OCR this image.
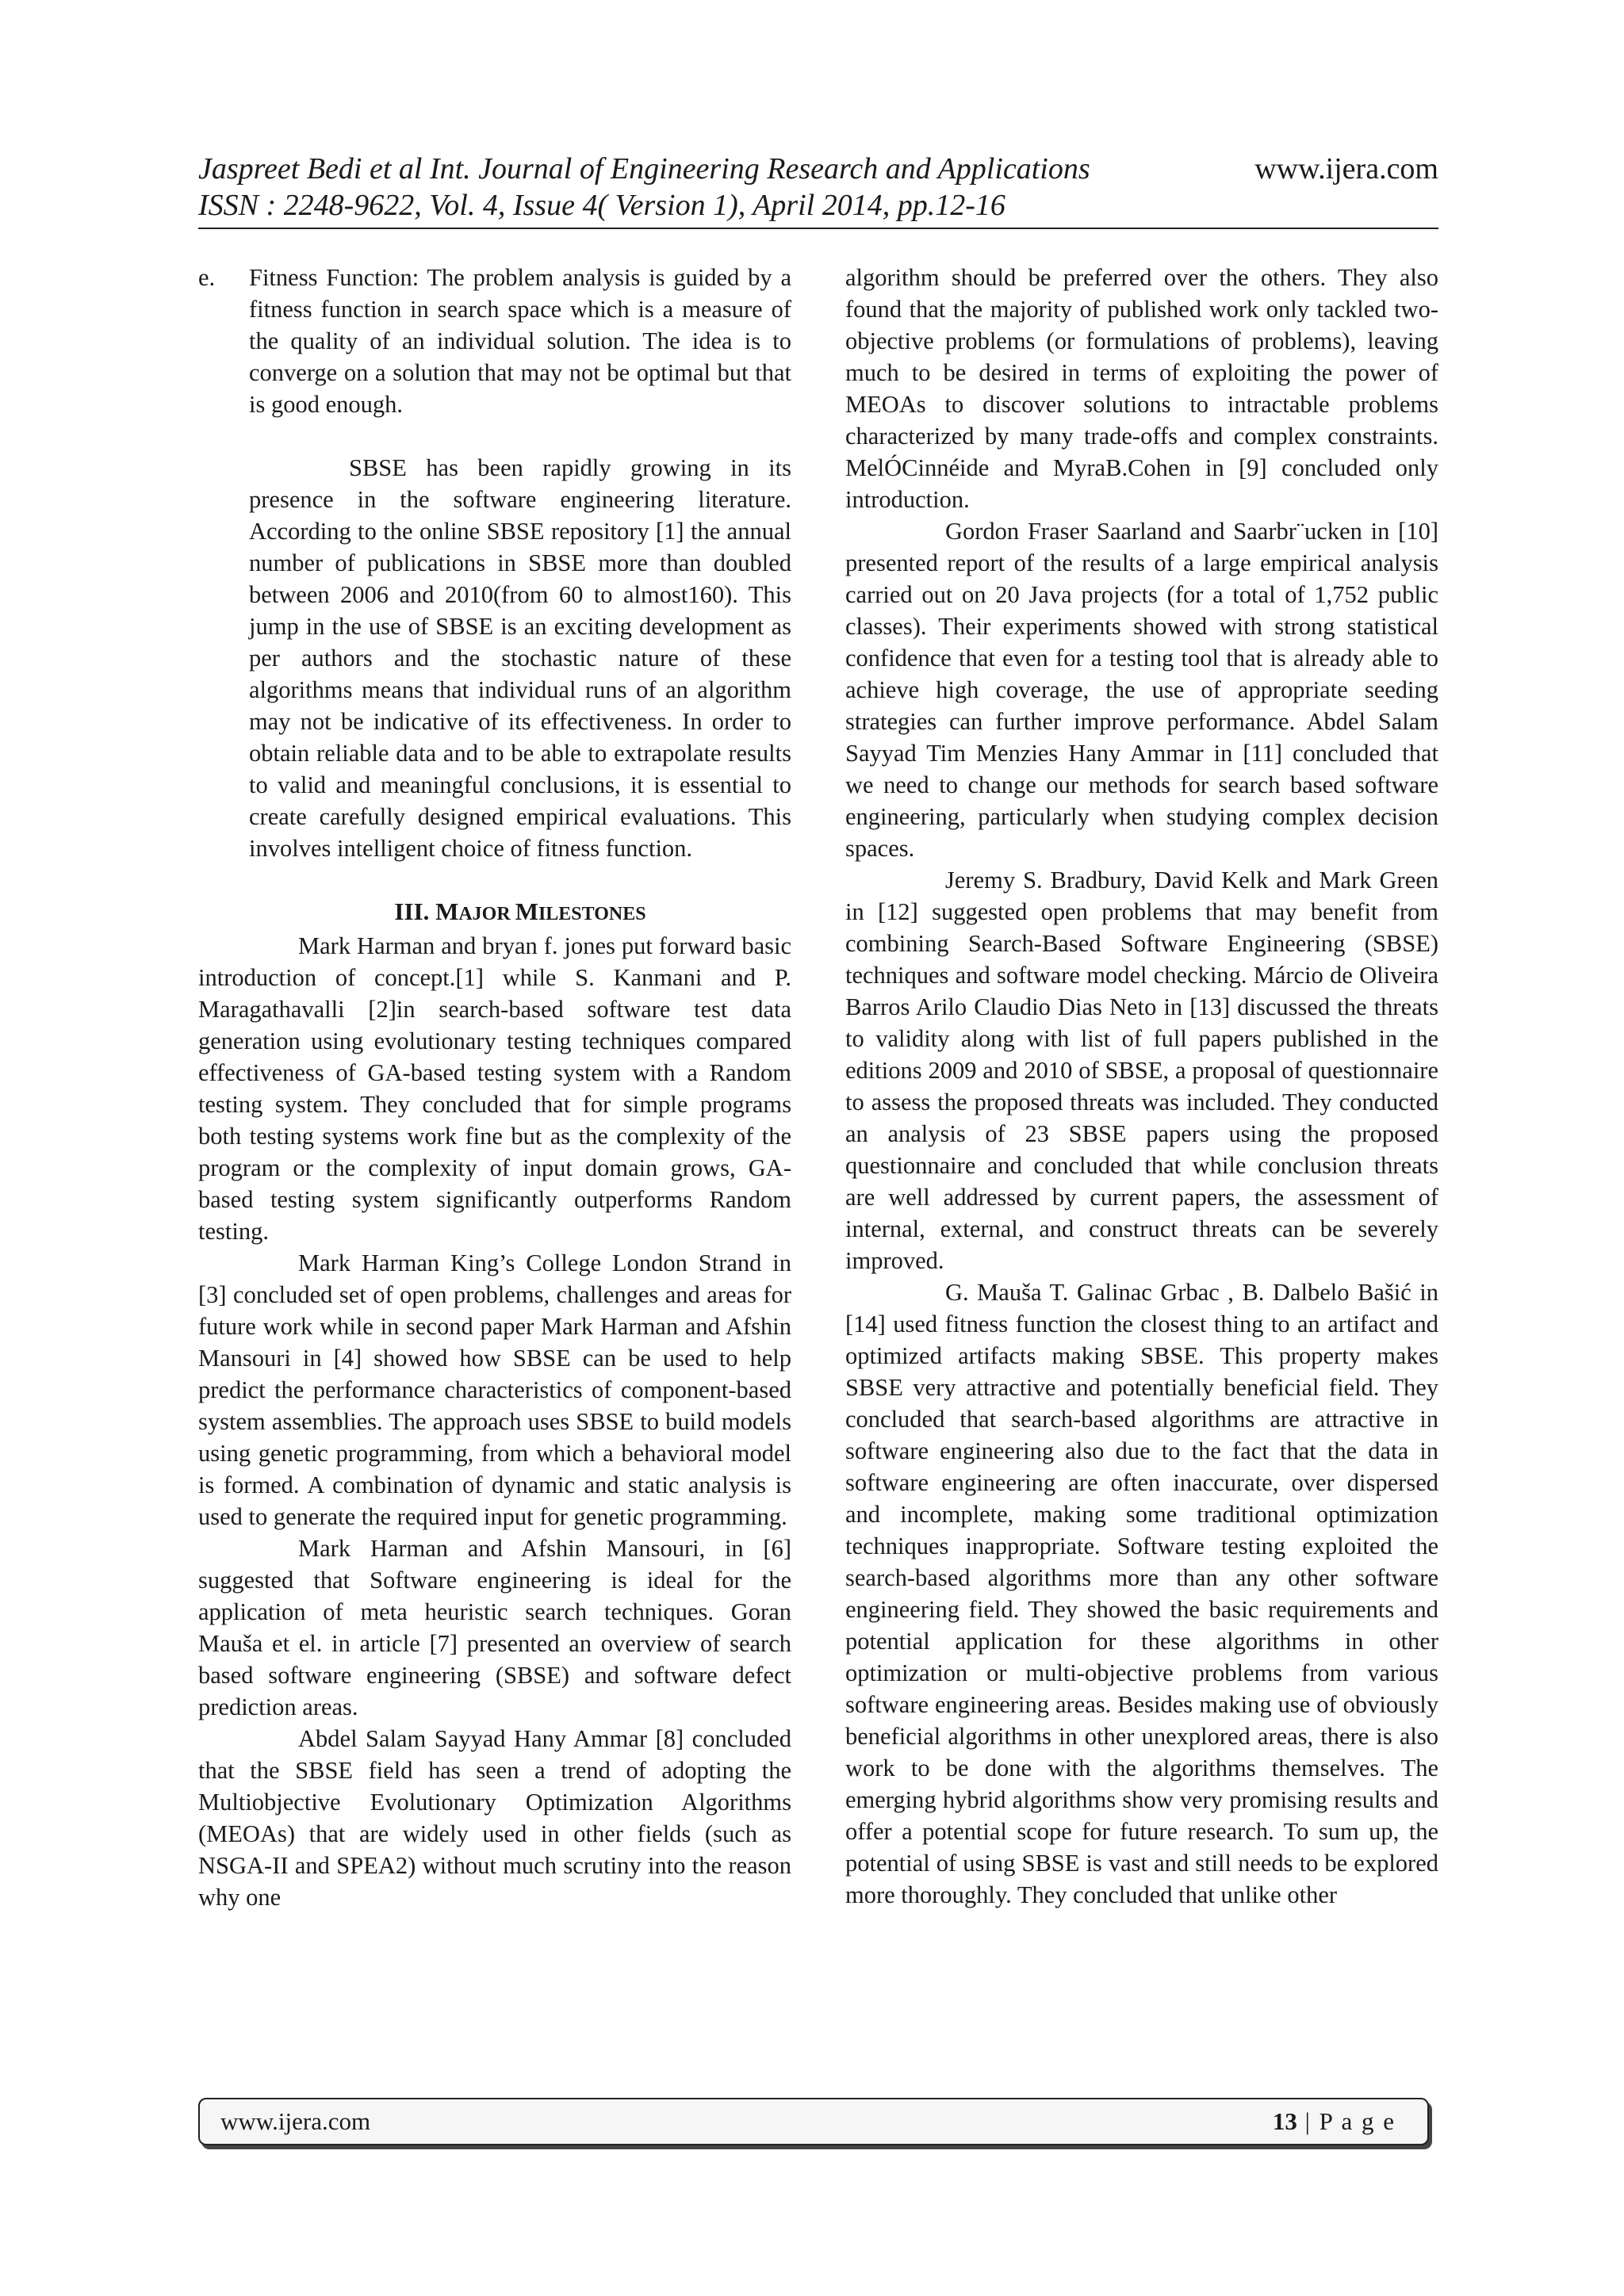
Jaspreet Bedi et al Int. Journal of Engineering Research and Applications
ISSN : 2248-9622, Vol. 4, Issue 4( Version 1), April 2014, pp.12-16
www.ijera.com
e. Fitness Function: The problem analysis is guided by a fitness function in search space which is a measure of the quality of an individual solution. The idea is to converge on a solution that may not be optimal but that is good enough.

SBSE has been rapidly growing in its presence in the software engineering literature. According to the online SBSE repository [1] the annual number of publications in SBSE more than doubled between 2006 and 2010(from 60 to almost160). This jump in the use of SBSE is an exciting development as per authors and the stochastic nature of these algorithms means that individual runs of an algorithm may not be indicative of its effectiveness. In order to obtain reliable data and to be able to extrapolate results to valid and meaningful conclusions, it is essential to create carefully designed empirical evaluations. This involves intelligent choice of fitness function.

III. MAJOR MILESTONES

Mark Harman and bryan f. jones put forward basic introduction of concept.[1] while S. Kanmani and P. Maragathavalli [2]in search-based software test data generation using evolutionary testing techniques compared effectiveness of GA-based testing system with a Random testing system. They concluded that for simple programs both testing systems work fine but as the complexity of the program or the complexity of input domain grows, GA-based testing system significantly outperforms Random testing.

Mark Harman King’s College London Strand in [3] concluded set of open problems, challenges and areas for future work while in second paper Mark Harman and Afshin Mansouri in [4] showed how SBSE can be used to help predict the performance characteristics of component-based system assemblies. The approach uses SBSE to build models using genetic programming, from which a behavioral model is formed. A combination of dynamic and static analysis is used to generate the required input for genetic programming.

Mark Harman and Afshin Mansouri, in [6] suggested that Software engineering is ideal for the application of meta heuristic search techniques. Goran Mauša et el. in article [7] presented an overview of search based software engineering (SBSE) and software defect prediction areas.

Abdel Salam Sayyad Hany Ammar [8] concluded that the SBSE field has seen a trend of adopting the Multiobjective Evolutionary Optimization Algorithms (MEOAs) that are widely used in other fields (such as NSGA-II and SPEA2) without much scrutiny into the reason why one

algorithm should be preferred over the others. They also found that the majority of published work only tackled two-objective problems (or formulations of problems), leaving much to be desired in terms of exploiting the power of MEOAs to discover solutions to intractable problems characterized by many trade-offs and complex constraints. MelÓCinnéide and MyraB.Cohen in [9] concluded only introduction.

Gordon Fraser Saarland and Saarbr¨ucken in [10] presented report of the results of a large empirical analysis carried out on 20 Java projects (for a total of 1,752 public classes). Their experiments showed with strong statistical confidence that even for a testing tool that is already able to achieve high coverage, the use of appropriate seeding strategies can further improve performance. Abdel Salam Sayyad Tim Menzies Hany Ammar in [11] concluded that we need to change our methods for search based software engineering, particularly when studying complex decision spaces.

Jeremy S. Bradbury, David Kelk and Mark Green in [12] suggested open problems that may benefit from combining Search-Based Software Engineering (SBSE) techniques and software model checking. Márcio de Oliveira Barros Arilo Claudio Dias Neto in [13] discussed the threats to validity along with list of full papers published in the editions 2009 and 2010 of SBSE, a proposal of questionnaire to assess the proposed threats was included. They conducted an analysis of 23 SBSE papers using the proposed questionnaire and concluded that while conclusion threats are well addressed by current papers, the assessment of internal, external, and construct threats can be severely improved.

G. Mauša T. Galinac Grbac , B. Dalbelo Bašić in [14] used fitness function the closest thing to an artifact and optimized artifacts making SBSE. This property makes SBSE very attractive and potentially beneficial field. They concluded that search-based algorithms are attractive in software engineering also due to the fact that the data in software engineering are often inaccurate, over dispersed and incomplete, making some traditional optimization techniques inappropriate. Software testing exploited the search-based algorithms more than any other software engineering field. They showed the basic requirements and potential application for these algorithms in other optimization or multi-objective problems from various software engineering areas. Besides making use of obviously beneficial algorithms in other unexplored areas, there is also work to be done with the algorithms themselves. The emerging hybrid algorithms show very promising results and offer a potential scope for future research. To sum up, the potential of using SBSE is vast and still needs to be explored more thoroughly. They concluded that unlike other

www.ijera.com	13 | P a g e
